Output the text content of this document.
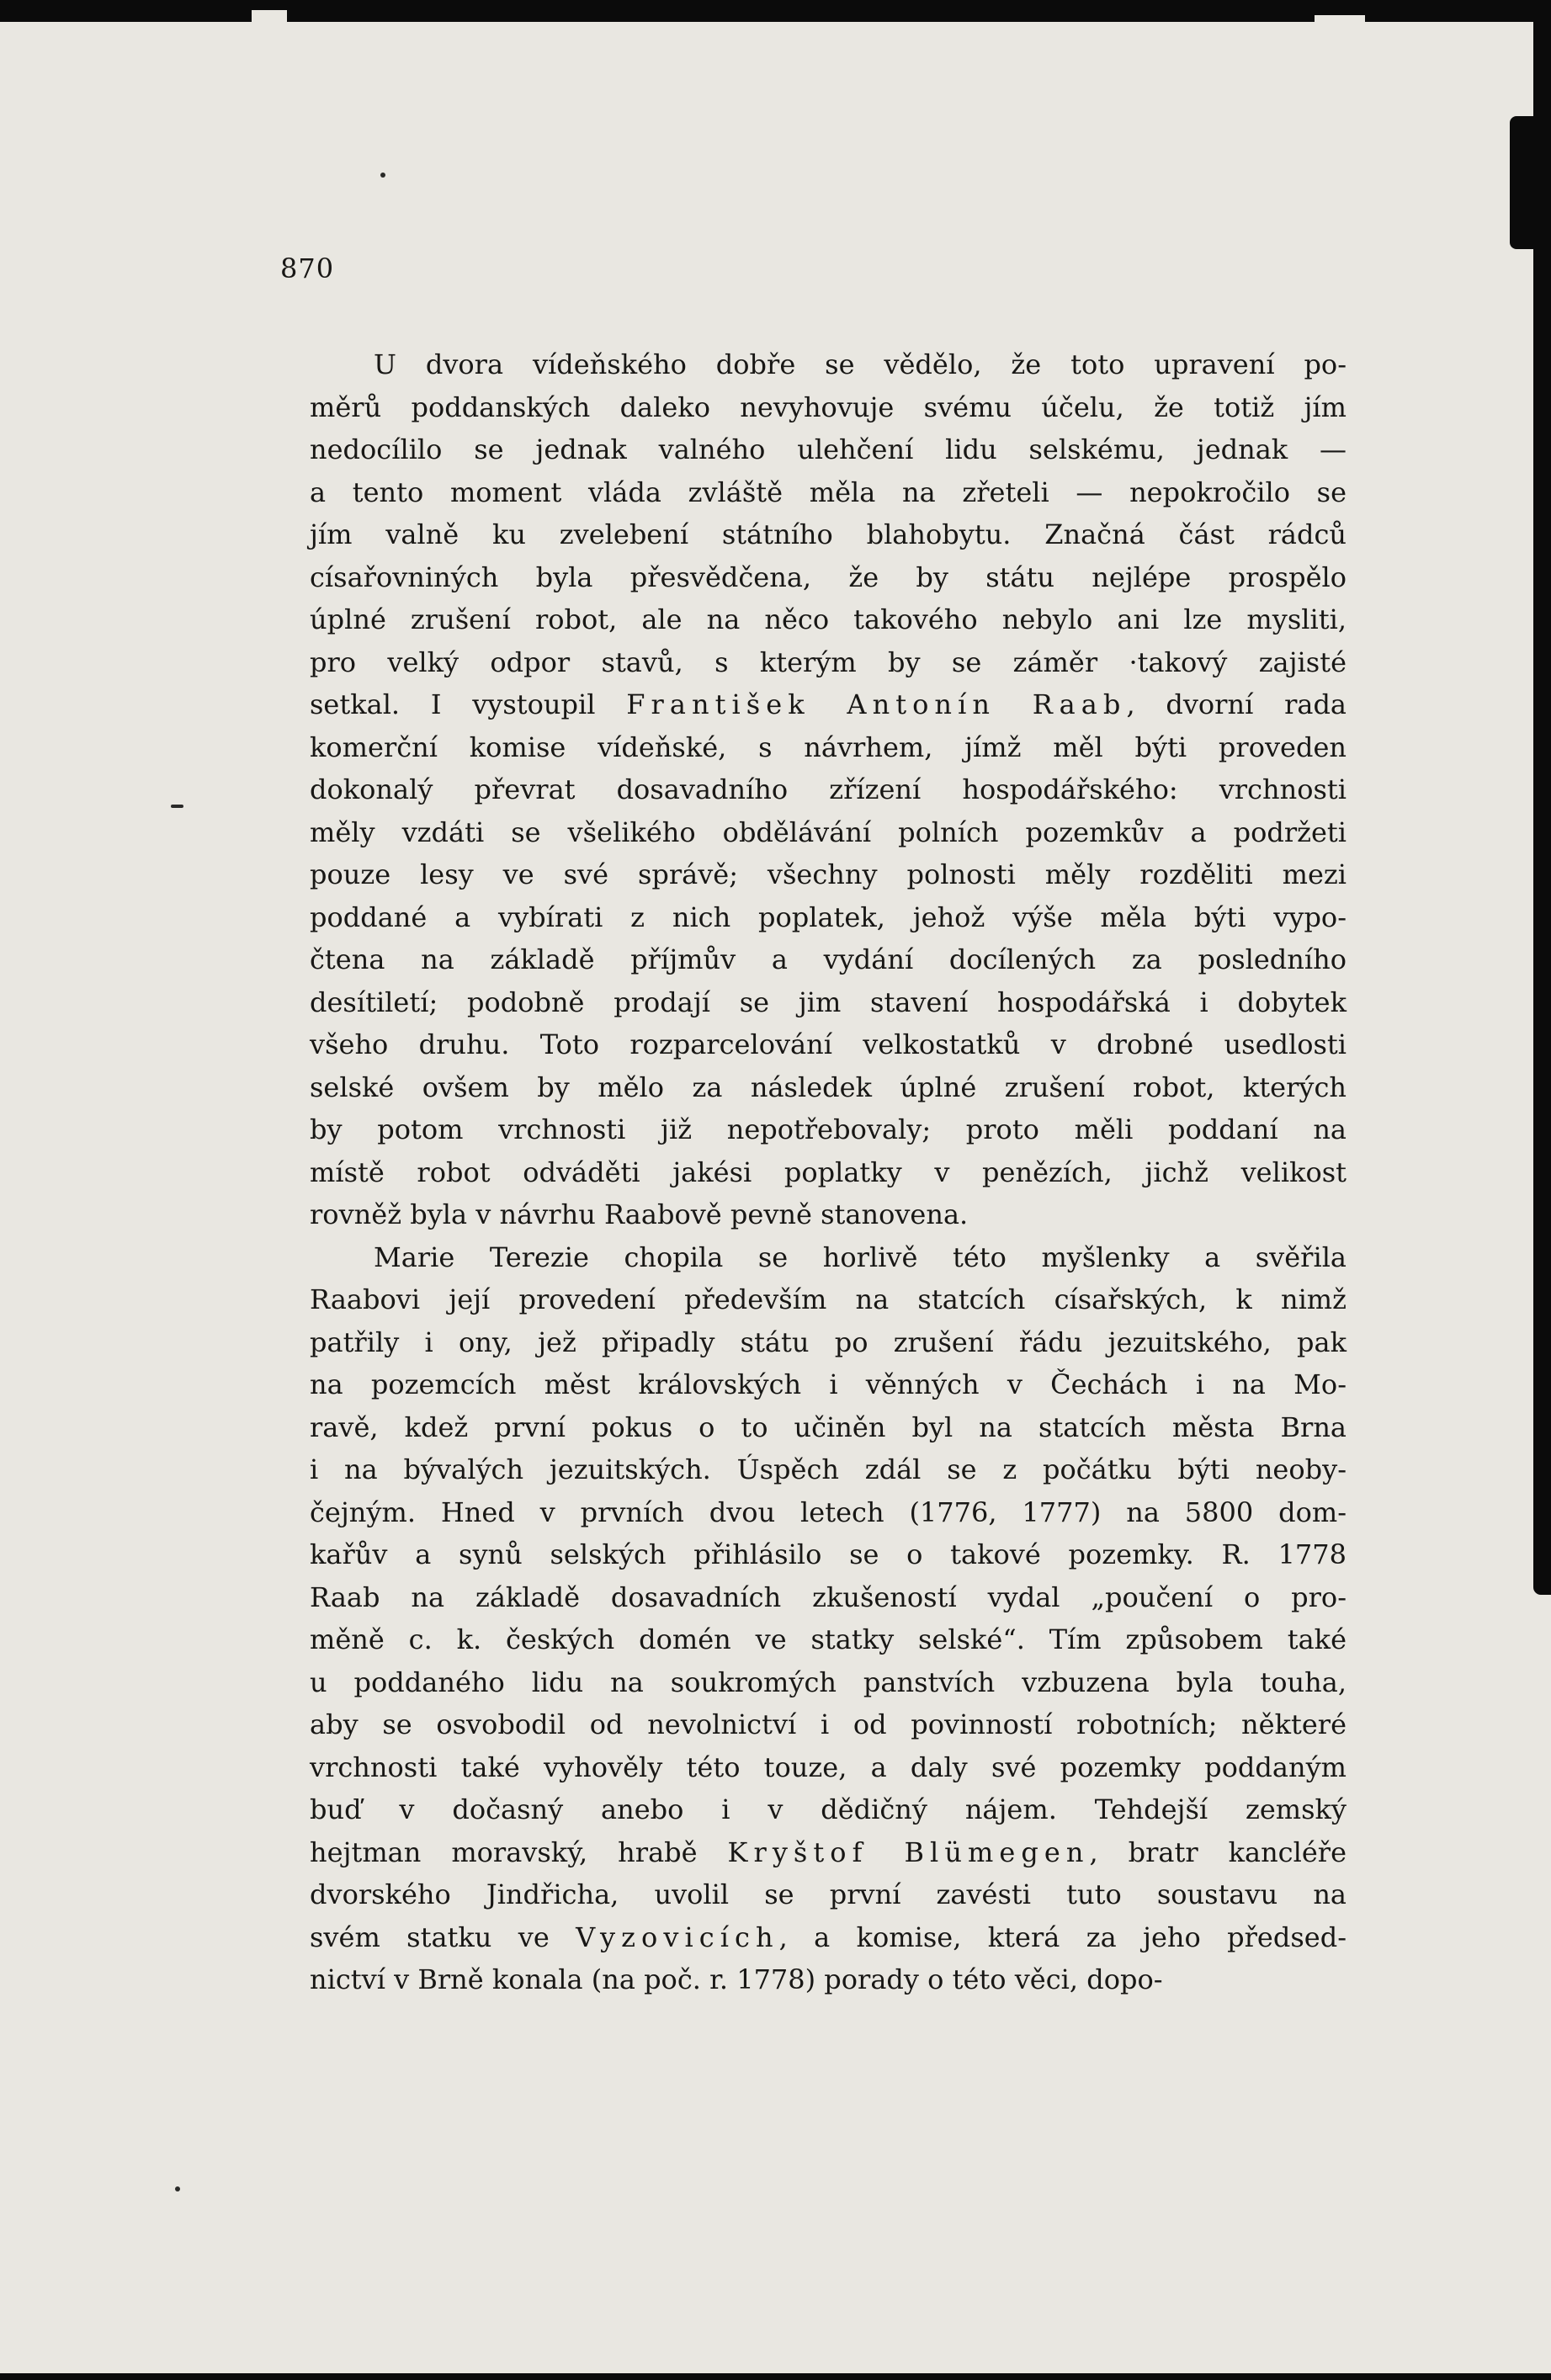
870
U dvora vídeňského dobře se vědělo, že toto upravení po-
měrů poddanských daleko nevyhovuje svému účelu, že totiž jím
nedocílilo se jednak valného ulehčení lidu selskému, jednak —
a tento moment vláda zvláště měla na zřeteli — nepokročilo se
jím valně ku zvelebení státního blahobytu. Značná část rádců
císařovniných byla přesvědčena, že by státu nejlépe prospělo
úplné zrušení robot, ale na něco takového nebylo ani lze mysliti,
pro velký odpor stavů, s kterým by se záměr ·takový zajisté
setkal. I vystoupil František Antonín Raab, dvorní rada
komerční komise vídeňské, s návrhem, jímž měl býti proveden
dokonalý převrat dosavadního zřízení hospodářského: vrchnosti
měly vzdáti se všelikého obdělávání polních pozemkův a podržeti
pouze lesy ve své správě; všechny polnosti měly rozděliti mezi
poddané a vybírati z nich poplatek, jehož výše měla býti vypo-
čtena na základě příjmův a vydání docílených za posledního
desítiletí; podobně prodají se jim stavení hospodářská i dobytek
všeho druhu. Toto rozparcelování velkostatků v drobné usedlosti
selské ovšem by mělo za následek úplné zrušení robot, kterých
by potom vrchnosti již nepotřebovaly; proto měli poddaní na
místě robot odváděti jakési poplatky v penězích, jichž velikost
rovněž byla v návrhu Raabově pevně stanovena.
Marie Terezie chopila se horlivě této myšlenky a svěřila
Raabovi její provedení především na statcích císařských, k nimž
patřily i ony, jež připadly státu po zrušení řádu jezuitského, pak
na pozemcích měst královských i věnných v Čechách i na Mo-
ravě, kdež první pokus o to učiněn byl na statcích města Brna
i na bývalých jezuitských. Úspěch zdál se z počátku býti neoby-
čejným. Hned v prvních dvou letech (1776, 1777) na 5800 dom-
kařův a synů selských přihlásilo se o takové pozemky. R. 1778
Raab na základě dosavadních zkušeností vydal „poučení o pro-
měně c. k. českých domén ve statky selské“. Tím způsobem také
u poddaného lidu na soukromých panstvích vzbuzena byla touha,
aby se osvobodil od nevolnictví i od povinností robotních; některé
vrchnosti také vyhověly této touze, a daly své pozemky poddaným
buď v dočasný anebo i v dědičný nájem. Tehdejší zemský
hejtman moravský, hrabě Kryštof Blümegen, bratr kancléře
dvorského Jindřicha, uvolil se první zavésti tuto soustavu na
svém statku ve Vyzovicích, a komise, která za jeho předsed-
nictví v Brně konala (na poč. r. 1778) porady o této věci, dopo-
